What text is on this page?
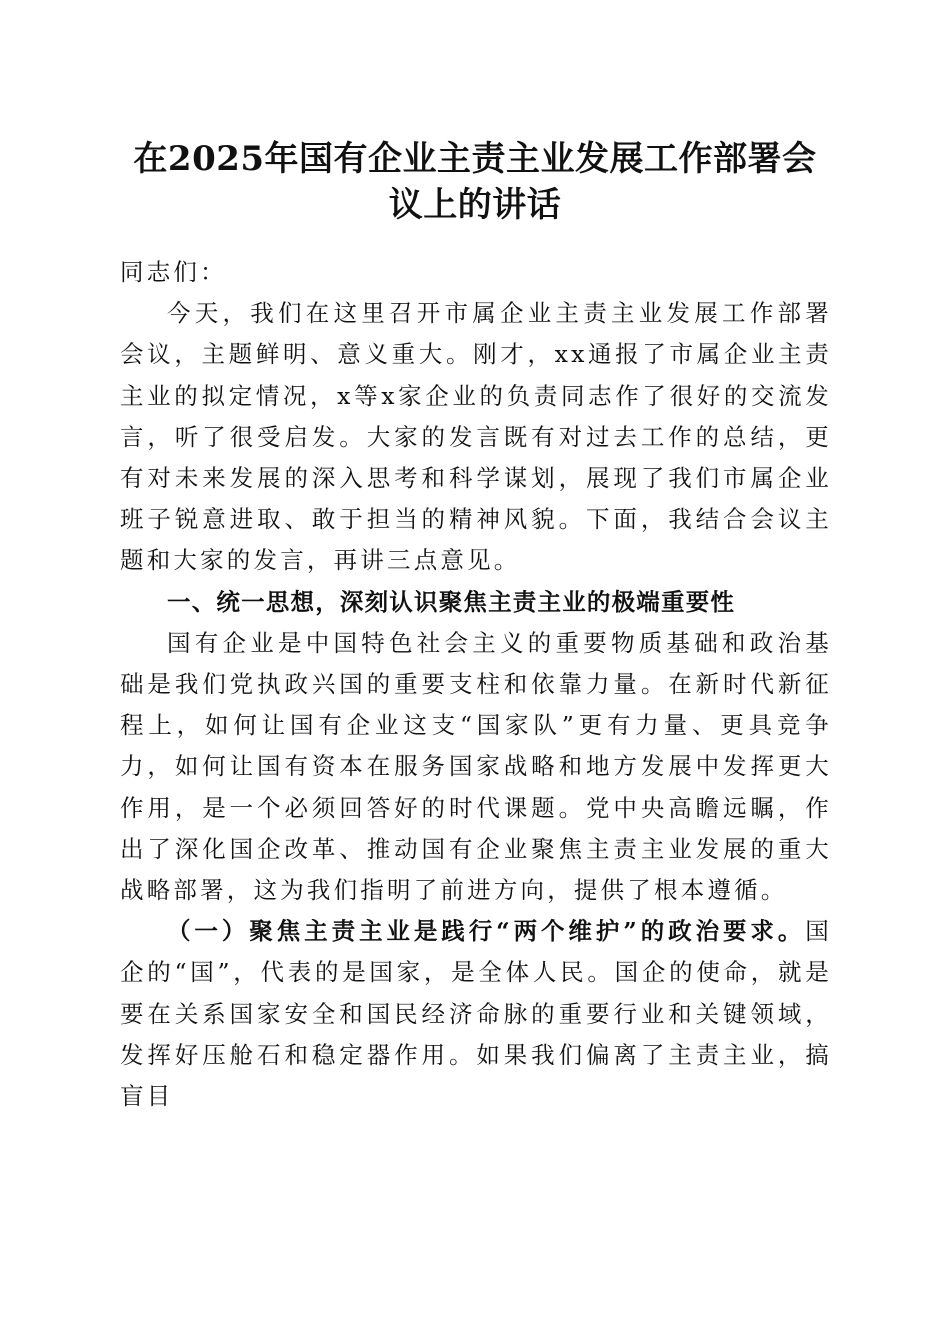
在2025年国有企业主责主业发展工作部署会议上的讲话

同志们：

今天，我们在这里召开市属企业主责主业发展工作部署会议，主题鲜明、意义重大。刚才，xx通报了市属企业主责主业的拟定情况，x等x家企业的负责同志作了很好的交流发言，听了很受启发。大家的发言既有对过去工作的总结，更有对未来发展的深入思考和科学谋划，展现了我们市属企业班子锐意进取、敢于担当的精神风貌。下面，我结合会议主题和大家的发言，再讲三点意见。

一、统一思想，深刻认识聚焦主责主业的极端重要性

国有企业是中国特色社会主义的重要物质基础和政治基础是我们党执政兴国的重要支柱和依靠力量。在新时代新征程上，如何让国有企业这支“国家队”更有力量、更具竞争力，如何让国有资本在服务国家战略和地方发展中发挥更大作用，是一个必须回答好的时代课题。党中央高瞻远瞩，作出了深化国企改革、推动国有企业聚焦主责主业发展的重大战略部署，这为我们指明了前进方向，提供了根本遵循。

（一）聚焦主责主业是践行“两个维护”的政治要求。国企的“国”，代表的是国家，是全体人民。国企的使命，就是要在关系国家安全和国民经济命脉的重要行业和关键领域，发挥好压舱石和稳定器作用。如果我们偏离了主责主业，搞盲目
